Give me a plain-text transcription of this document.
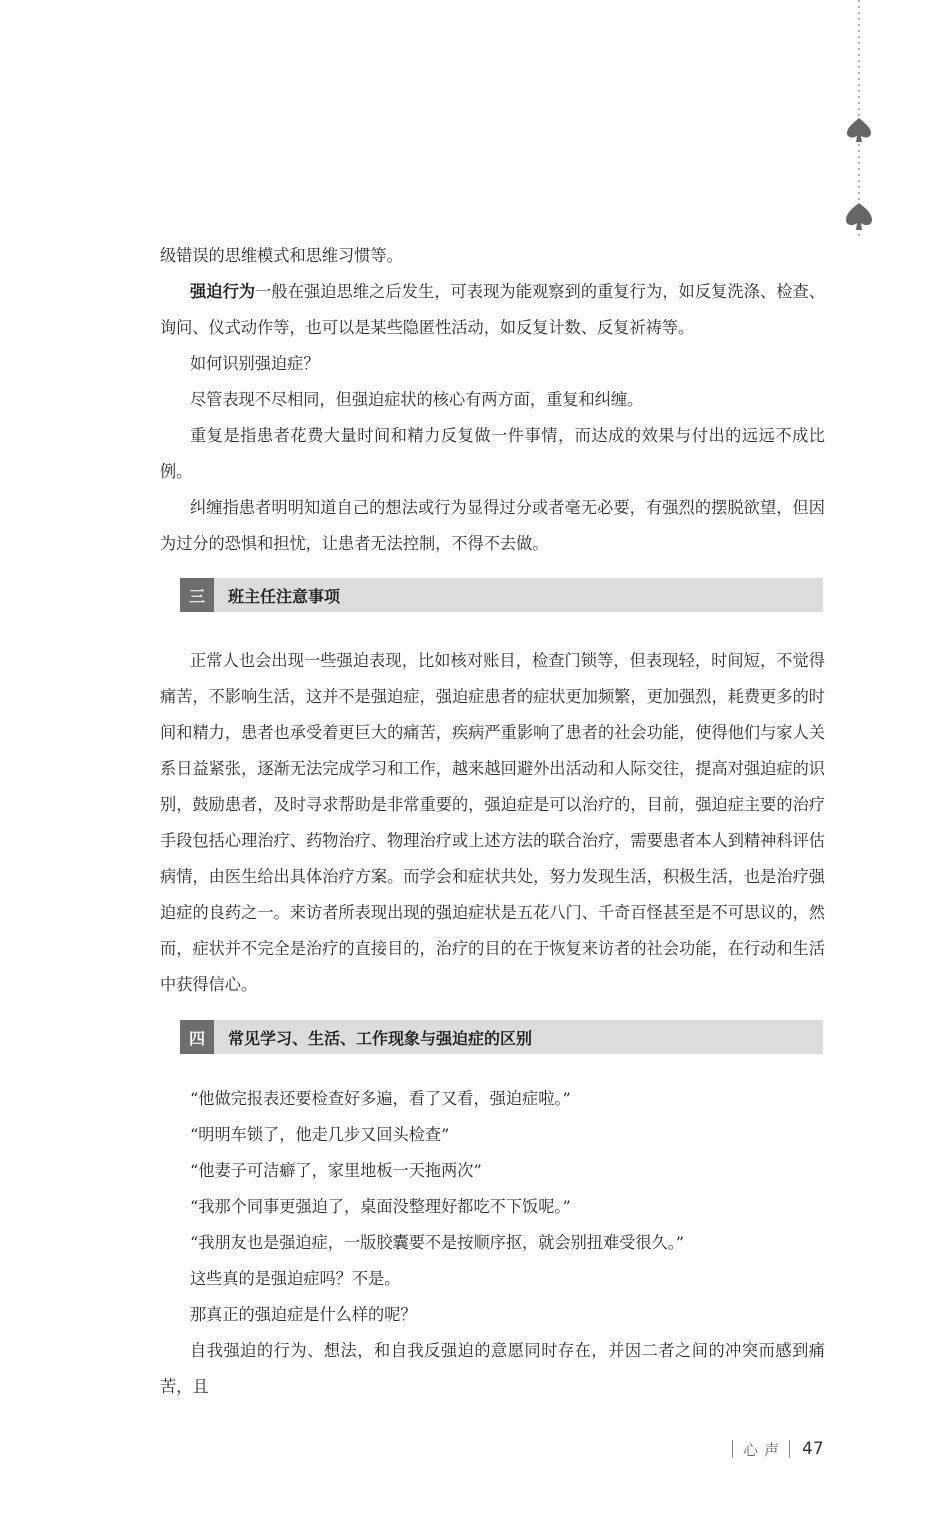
级错误的思维模式和思维习惯等。

强迫行为一般在强迫思维之后发生，可表现为能观察到的重复行为，如反复洗涤、检查、询问、仪式动作等，也可以是某些隐匿性活动，如反复计数、反复祈祷等。

如何识别强迫症？

尽管表现不尽相同，但强迫症状的核心有两方面，重复和纠缠。

重复是指患者花费大量时间和精力反复做一件事情，而达成的效果与付出的远远不成比例。

纠缠指患者明明知道自己的想法或行为显得过分或者毫无必要，有强烈的摆脱欲望，但因为过分的恐惧和担忧，让患者无法控制，不得不去做。

三	班主任注意事项

正常人也会出现一些强迫表现，比如核对账目，检查门锁等，但表现轻，时间短，不觉得痛苦，不影响生活，这并不是强迫症，强迫症患者的症状更加频繁，更加强烈，耗费更多的时间和精力，患者也承受着更巨大的痛苦，疾病严重影响了患者的社会功能，使得他们与家人关系日益紧张，逐渐无法完成学习和工作，越来越回避外出活动和人际交往，提高对强迫症的识别，鼓励患者，及时寻求帮助是非常重要的，强迫症是可以治疗的，目前，强迫症主要的治疗手段包括心理治疗、药物治疗、物理治疗或上述方法的联合治疗，需要患者本人到精神科评估病情，由医生给出具体治疗方案。而学会和症状共处，努力发现生活，积极生活，也是治疗强迫症的良药之一。来访者所表现出现的强迫症状是五花八门、千奇百怪甚至是不可思议的，然而，症状并不完全是治疗的直接目的，治疗的目的在于恢复来访者的社会功能，在行动和生活中获得信心。

四	常见学习、生活、工作现象与强迫症的区别

“他做完报表还要检查好多遍，看了又看，强迫症啦。”

“明明车锁了，他走几步又回头检查”

“他妻子可洁癖了，家里地板一天拖两次”

“我那个同事更强迫了，桌面没整理好都吃不下饭呢。”

“我朋友也是强迫症，一版胶囊要不是按顺序抠，就会别扭难受很久。”

这些真的是强迫症吗？不是。

那真正的强迫症是什么样的呢？

自我强迫的行为、想法，和自我反强迫的意愿同时存在，并因二者之间的冲突而感到痛苦，且

心声 47
